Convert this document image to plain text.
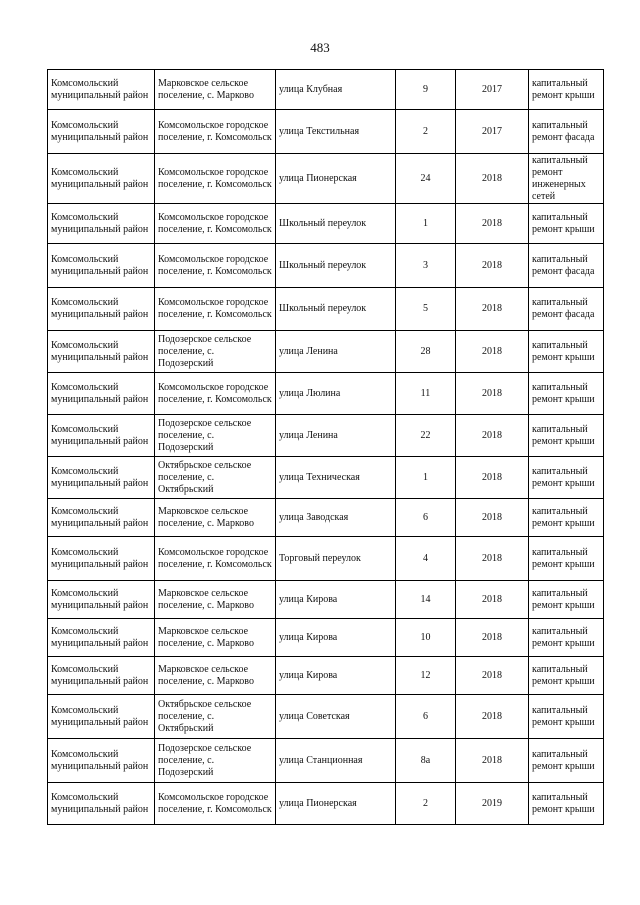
483
Комсомольский муниципальный район	Марковское сельское поселение, с. Марково	улица Клубная	9	2017	капитальный ремонт крыши
Комсомольский муниципальный район	Комсомольское городское поселение, г. Комсомольск	улица Текстильная	2	2017	капитальный ремонт фасада
Комсомольский муниципальный район	Комсомольское городское поселение, г. Комсомольск	улица Пионерская	24	2018	капитальный ремонт инженерных сетей
Комсомольский муниципальный район	Комсомольское городское поселение, г. Комсомольск	Школьный переулок	1	2018	капитальный ремонт крыши
Комсомольский муниципальный район	Комсомольское городское поселение, г. Комсомольск	Школьный переулок	3	2018	капитальный ремонт фасада
Комсомольский муниципальный район	Комсомольское городское поселение, г. Комсомольск	Школьный переулок	5	2018	капитальный ремонт фасада
Комсомольский муниципальный район	Подозерское сельское поселение, с. Подозерский	улица Ленина	28	2018	капитальный ремонт крыши
Комсомольский муниципальный район	Комсомольское городское поселение, г. Комсомольск	улица Люлина	11	2018	капитальный ремонт крыши
Комсомольский муниципальный район	Подозерское сельское поселение, с. Подозерский	улица Ленина	22	2018	капитальный ремонт крыши
Комсомольский муниципальный район	Октябрьское сельское поселение, с. Октябрьский	улица Техническая	1	2018	капитальный ремонт крыши
Комсомольский муниципальный район	Марковское сельское поселение, с. Марково	улица Заводская	6	2018	капитальный ремонт крыши
Комсомольский муниципальный район	Комсомольское городское поселение, г. Комсомольск	Торговый переулок	4	2018	капитальный ремонт крыши
Комсомольский муниципальный район	Марковское сельское поселение, с. Марково	улица Кирова	14	2018	капитальный ремонт крыши
Комсомольский муниципальный район	Марковское сельское поселение, с. Марково	улица Кирова	10	2018	капитальный ремонт крыши
Комсомольский муниципальный район	Марковское сельское поселение, с. Марково	улица Кирова	12	2018	капитальный ремонт крыши
Комсомольский муниципальный район	Октябрьское сельское поселение, с. Октябрьский	улица Советская	6	2018	капитальный ремонт крыши
Комсомольский муниципальный район	Подозерское сельское поселение, с. Подозерский	улица Станционная	8а	2018	капитальный ремонт крыши
Комсомольский муниципальный район	Комсомольское городское поселение, г. Комсомольск	улица Пионерская	2	2019	капитальный ремонт крыши
